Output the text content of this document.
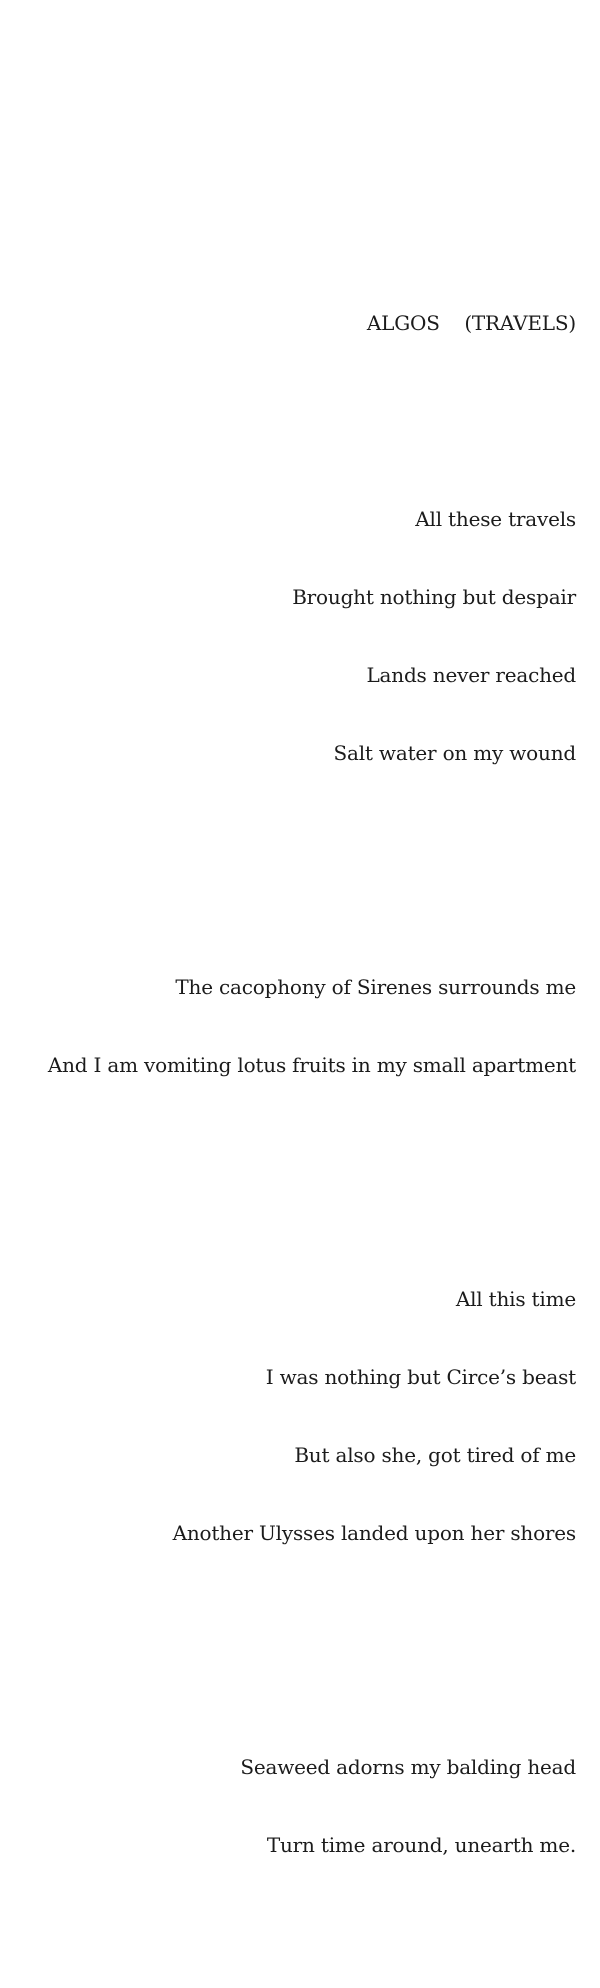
ALGOS    (TRAVELS)

All these travels

Brought nothing but despair

Lands never reached

Salt water on my wound

The cacophony of Sirenes surrounds me

And I am vomiting lotus fruits in my small apartment

All this time

I was nothing but Circe’s beast

But also she, got tired of me

Another Ulysses landed upon her shores

Seaweed adorns my balding head

Turn time around, unearth me.
